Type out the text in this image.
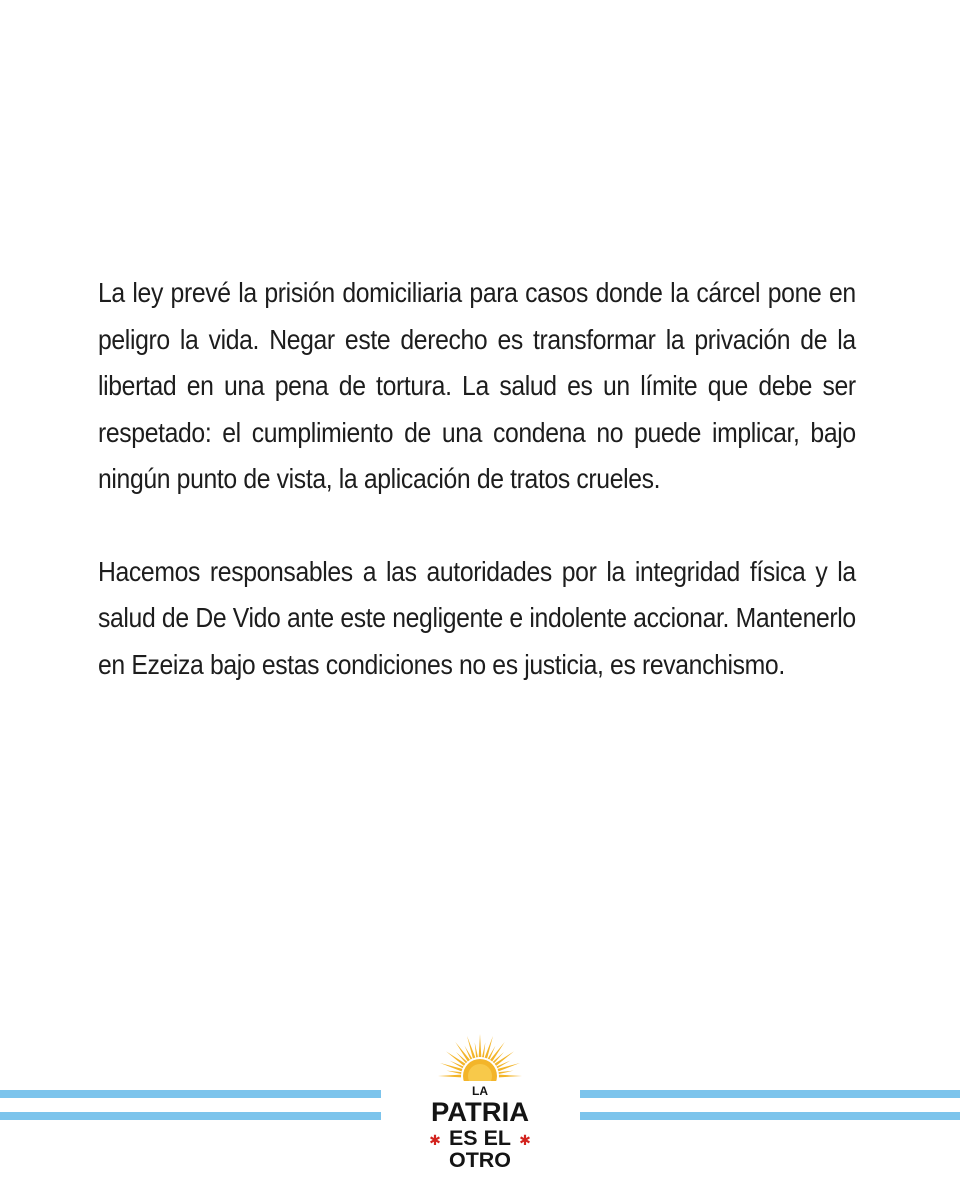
La ley prevé la prisión domiciliaria para casos donde la cárcel pone en peligro la vida. Negar este derecho es transformar la privación de la libertad en una pena de tortura. La salud es un límite que debe ser respetado: el cumplimiento de una condena no puede implicar, bajo ningún punto de vista, la aplicación de tratos crueles.

Hacemos responsables a las autoridades por la integridad física y la salud de De Vido ante este negligente e indolente accionar. Mantenerlo en Ezeiza bajo estas condiciones no es justicia, es revanchismo.

LA
PATRIA
ES EL
OTRO
✱	✱
